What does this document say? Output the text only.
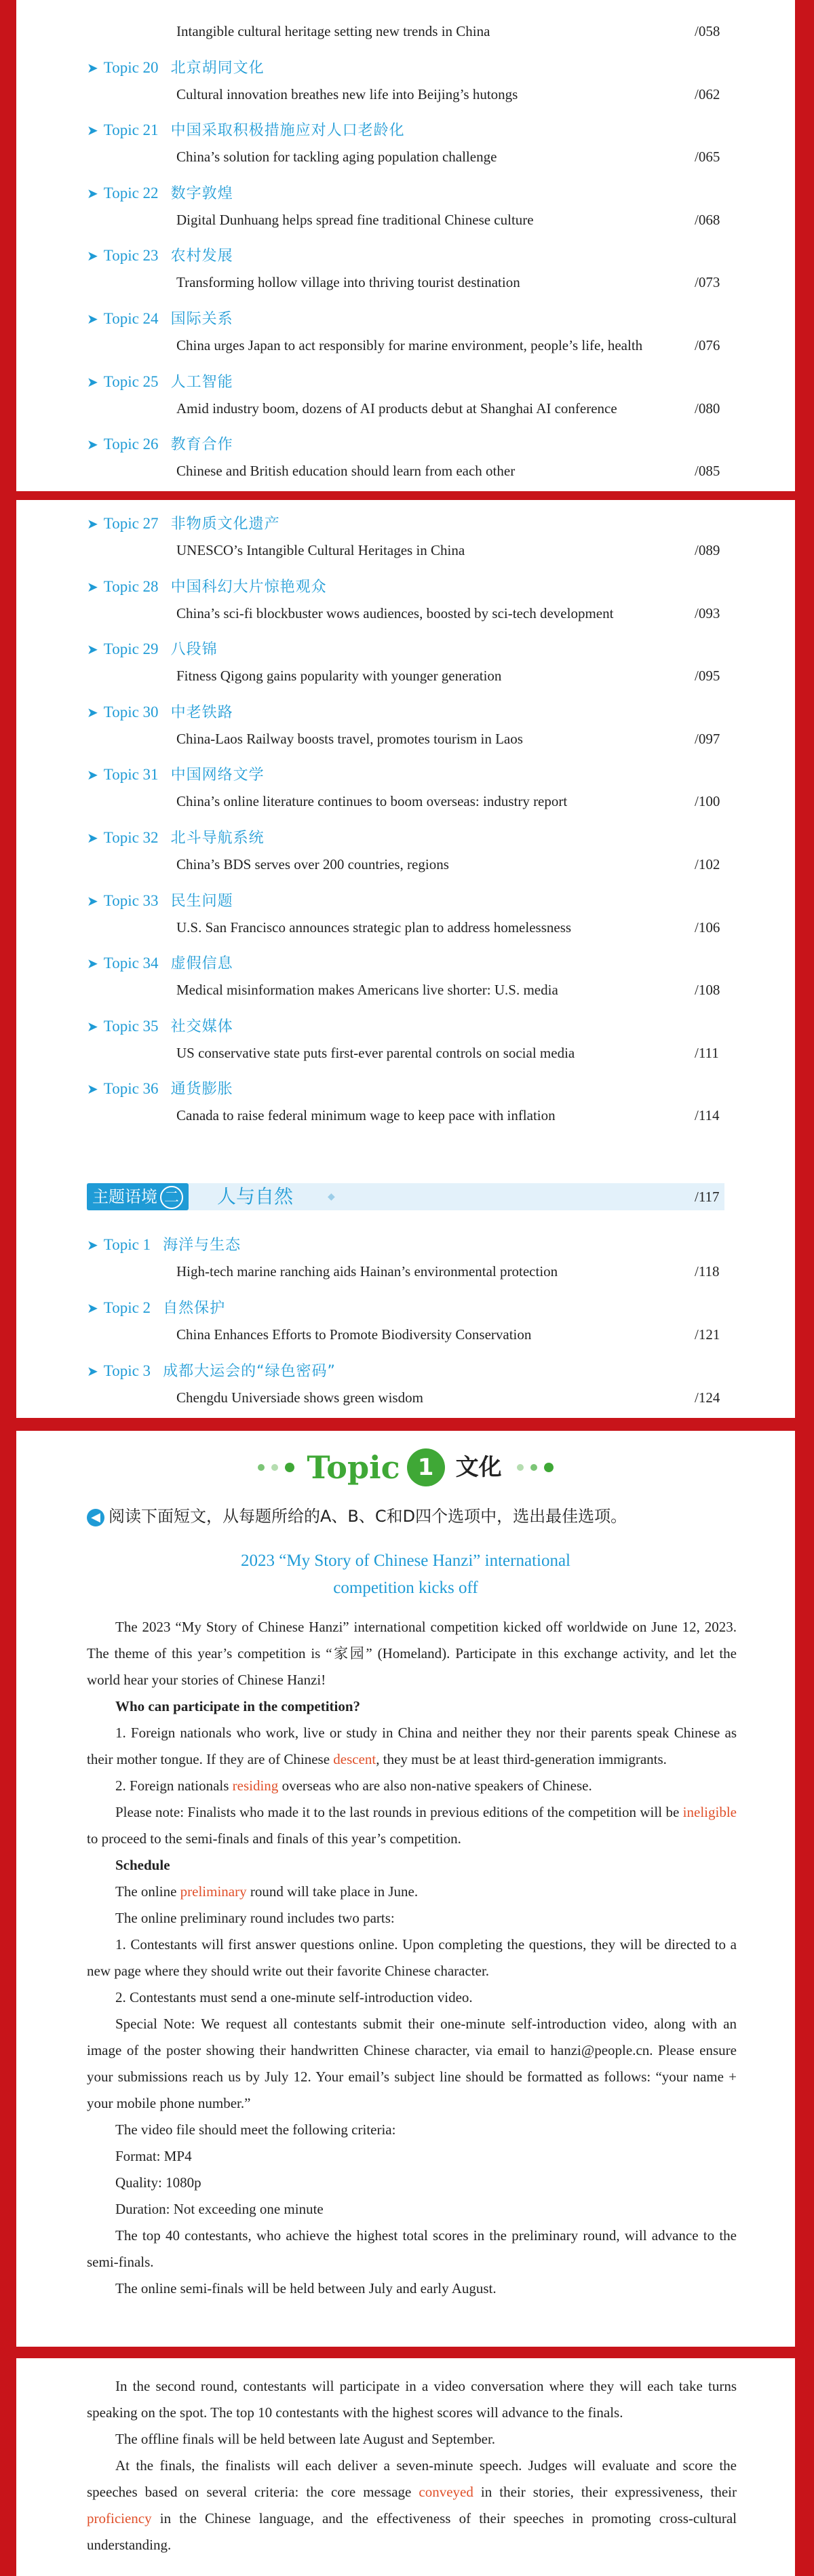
Intangible cultural heritage setting new trends in China	/058
➤ Topic 20 北京胡同文化
Cultural innovation breathes new life into Beijing’s hutongs	/062
➤ Topic 21 中国采取积极措施应对人口老龄化
China’s solution for tackling aging population challenge	/065
➤ Topic 22 数字敦煌
Digital Dunhuang helps spread fine traditional Chinese culture	/068
➤ Topic 23 农村发展
Transforming hollow village into thriving tourist destination	/073
➤ Topic 24 国际关系
China urges Japan to act responsibly for marine environment, people’s life, health	/076
➤ Topic 25 人工智能
Amid industry boom, dozens of AI products debut at Shanghai AI conference	/080
➤ Topic 26 教育合作
Chinese and British education should learn from each other	/085
➤ Topic 27 非物质文化遗产
UNESCO’s Intangible Cultural Heritages in China	/089
➤ Topic 28 中国科幻大片惊艳观众
China’s sci-fi blockbuster wows audiences, boosted by sci-tech development	/093
➤ Topic 29 八段锦
Fitness Qigong gains popularity with younger generation	/095
➤ Topic 30 中老铁路
China-Laos Railway boosts travel, promotes tourism in Laos	/097
➤ Topic 31 中国网络文学
China’s online literature continues to boom overseas: industry report	/100
➤ Topic 32 北斗导航系统
China’s BDS serves over 200 countries, regions	/102
➤ Topic 33 民生问题
U.S. San Francisco announces strategic plan to address homelessness	/106
➤ Topic 34 虚假信息
Medical misinformation makes Americans live shorter: U.S. media	/108
➤ Topic 35 社交媒体
US conservative state puts first-ever parental controls on social media	/111
➤ Topic 36 通货膨胀
Canada to raise federal minimum wage to keep pace with inflation	/114
主题语境 二	人与自然	◆	/117
➤ Topic 1 海洋与生态
High-tech marine ranching aids Hainan’s environmental protection	/118
➤ Topic 2 自然保护
China Enhances Efforts to Promote Biodiversity Conservation	/121
➤ Topic 3 成都大运会的“绿色密码”
Chengdu Universiade shows green wisdom	/124
Topic 1 文化
◀ 阅读下面短文，从每题所给的A、B、C和D四个选项中，选出最佳选项。
2023 “My Story of Chinese Hanzi” international
competition kicks off

The 2023 “My Story of Chinese Hanzi” international competition kicked off worldwide on June 12, 2023. The theme of this year’s competition is “家园” (Homeland). Participate in this exchange activity, and let the world hear your stories of Chinese Hanzi!

Who can participate in the competition?

1. Foreign nationals who work, live or study in China and neither they nor their parents speak Chinese as their mother tongue. If they are of Chinese descent, they must be at least third-generation immigrants.

2. Foreign nationals residing overseas who are also non-native speakers of Chinese.

Please note: Finalists who made it to the last rounds in previous editions of the competition will be ineligible to proceed to the semi-finals and finals of this year’s competition.

Schedule

The online preliminary round will take place in June.

The online preliminary round includes two parts:

1. Contestants will first answer questions online. Upon completing the questions, they will be directed to a new page where they should write out their favorite Chinese character.

2. Contestants must send a one-minute self-introduction video.

Special Note: We request all contestants submit their one-minute self-introduction video, along with an image of the poster showing their handwritten Chinese character, via email to hanzi@people.cn. Please ensure your submissions reach us by July 12. Your email’s subject line should be formatted as follows: “your name + your mobile phone number.”

The video file should meet the following criteria:

Format: MP4

Quality: 1080p

Duration: Not exceeding one minute

The top 40 contestants, who achieve the highest total scores in the preliminary round, will advance to the semi-finals.

The online semi-finals will be held between July and early August.

In the second round, contestants will participate in a video conversation where they will each take turns speaking on the spot. The top 10 contestants with the highest scores will advance to the finals.

The offline finals will be held between late August and September.

At the finals, the finalists will each deliver a seven-minute speech. Judges will evaluate and score the speeches based on several criteria: the core message conveyed in their stories, their expressiveness, their proficiency in the Chinese language, and the effectiveness of their speeches in promoting cross-cultural understanding.
